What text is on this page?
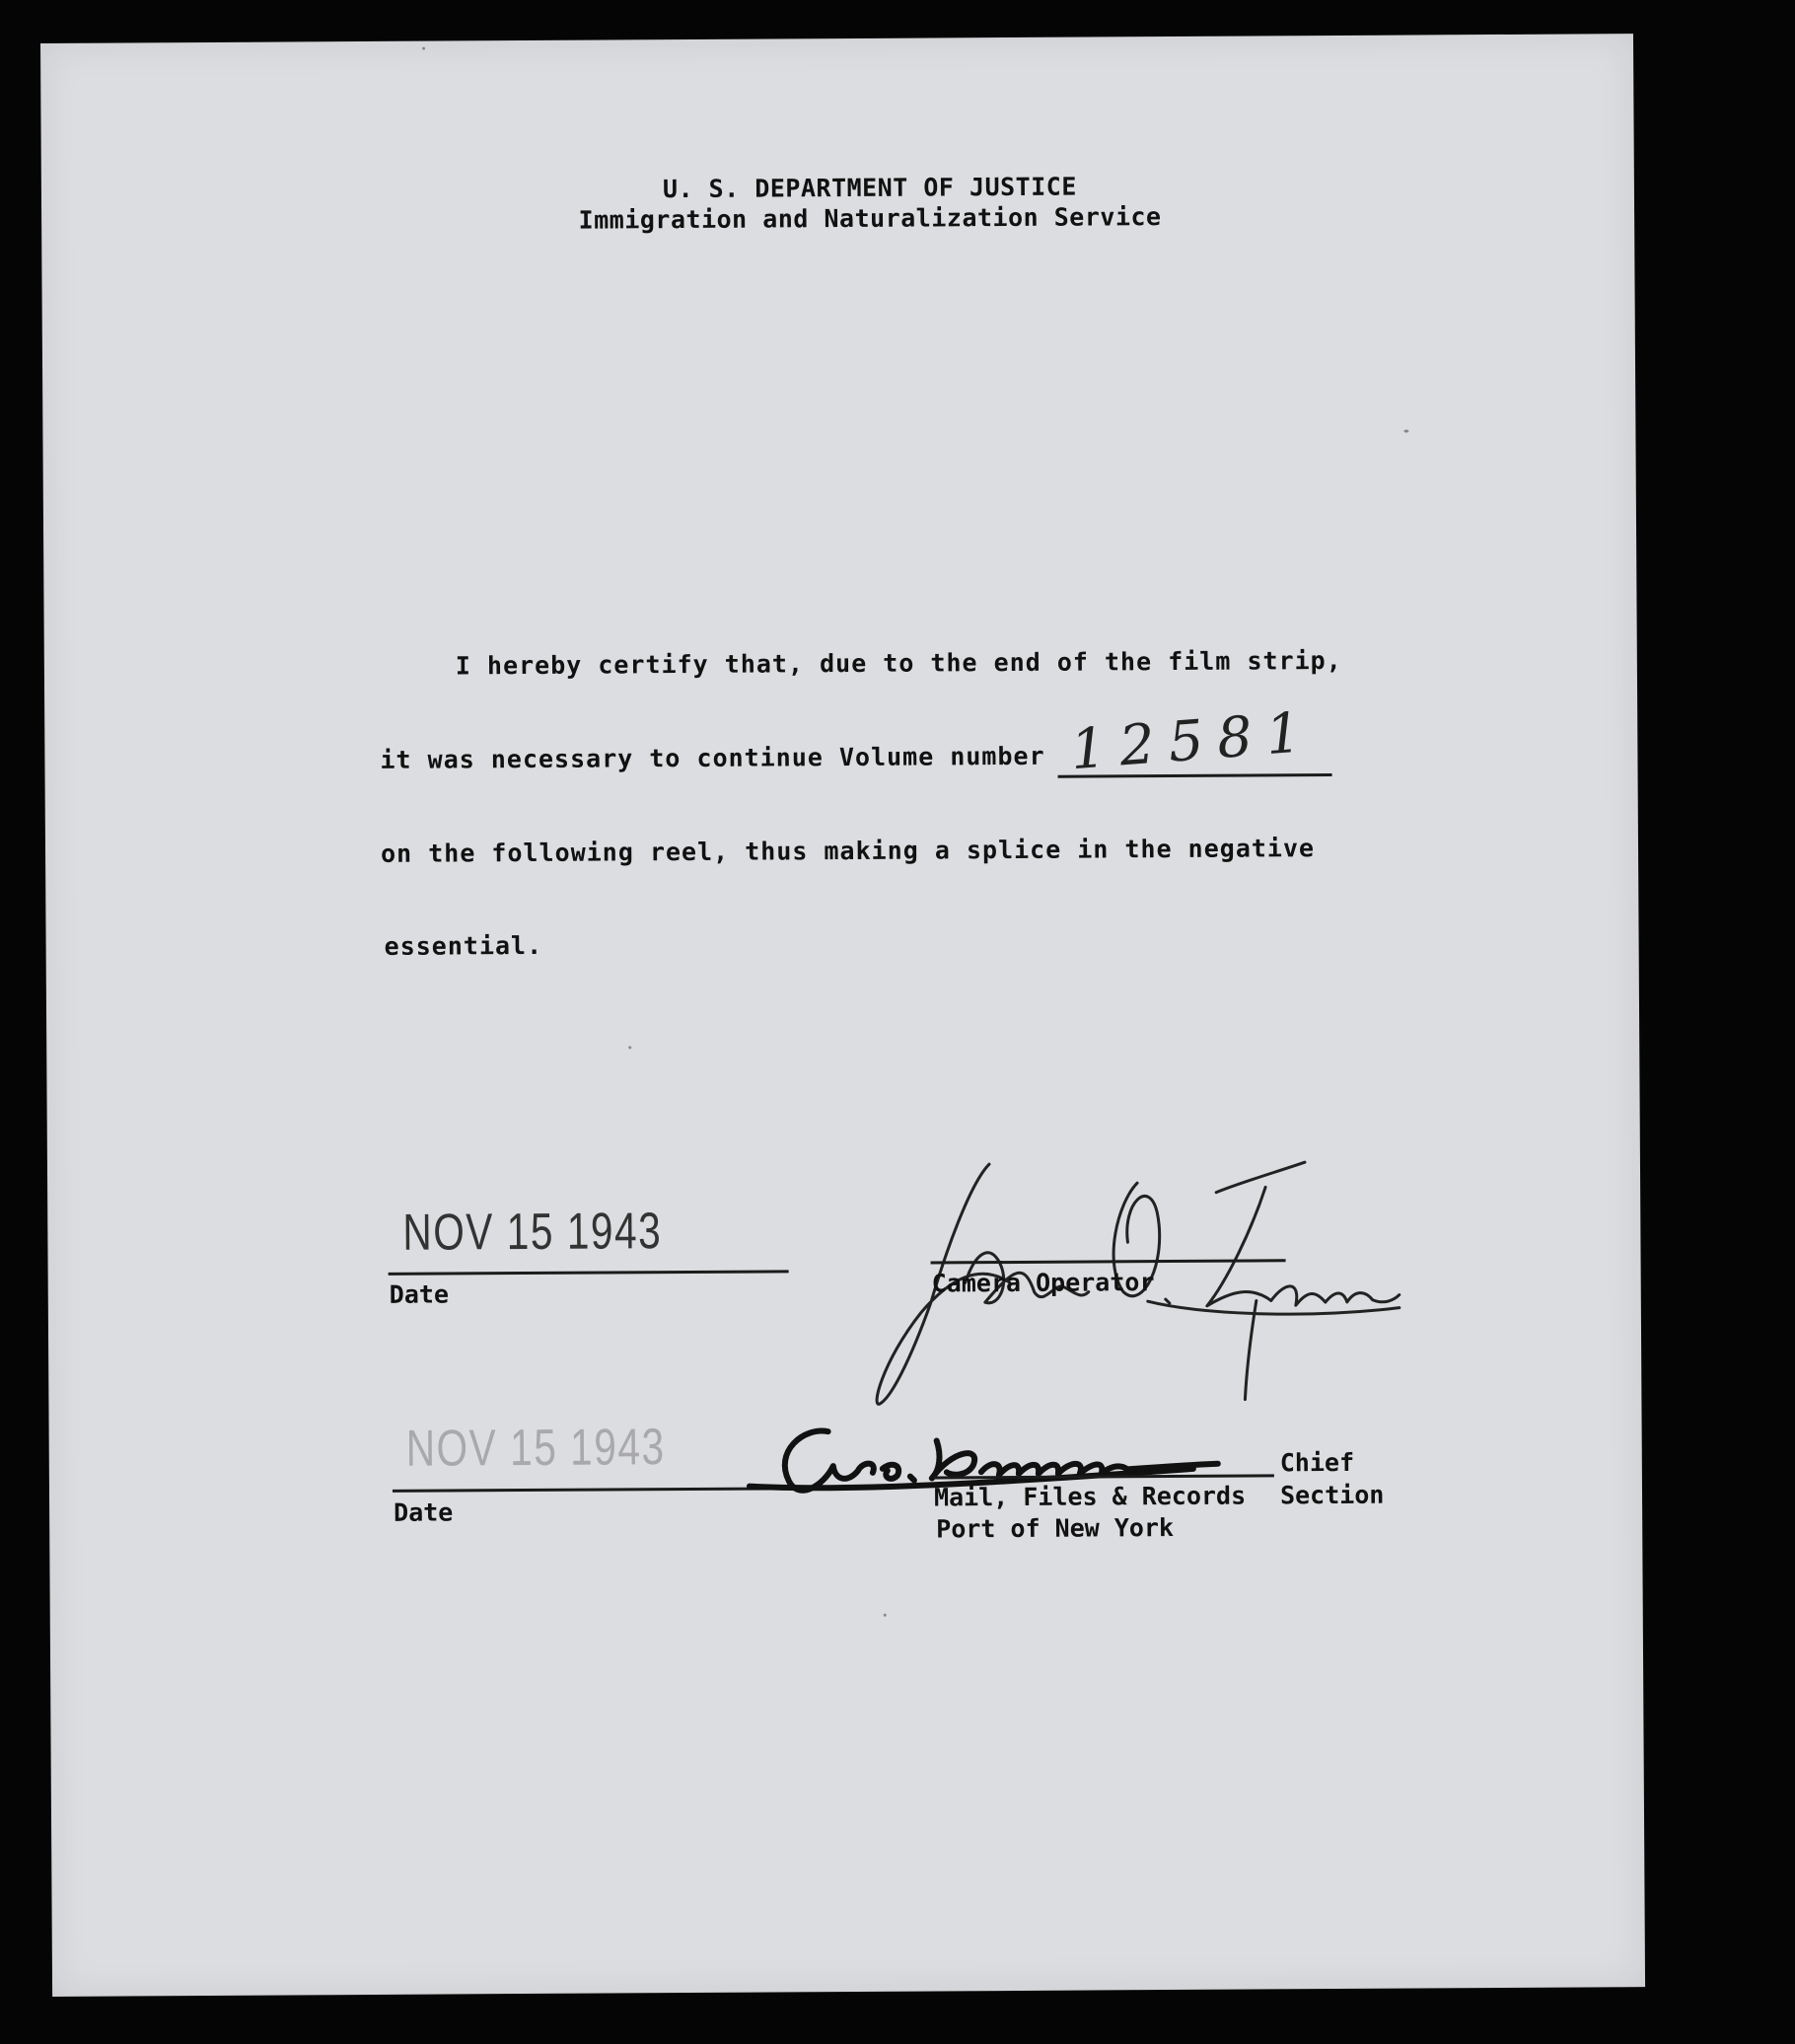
U. S. DEPARTMENT OF JUSTICE
Immigration and Naturalization Service
I hereby certify that, due to the end of the film strip,
it was necessary to continue Volume number 12581
on the following reel, thus making a splice in the negative
essential.
NOV 15 1943
Date	Camera Operator
NOV 15 1943
Date
Chief
Mail, Files & Records Section
Port of New York
